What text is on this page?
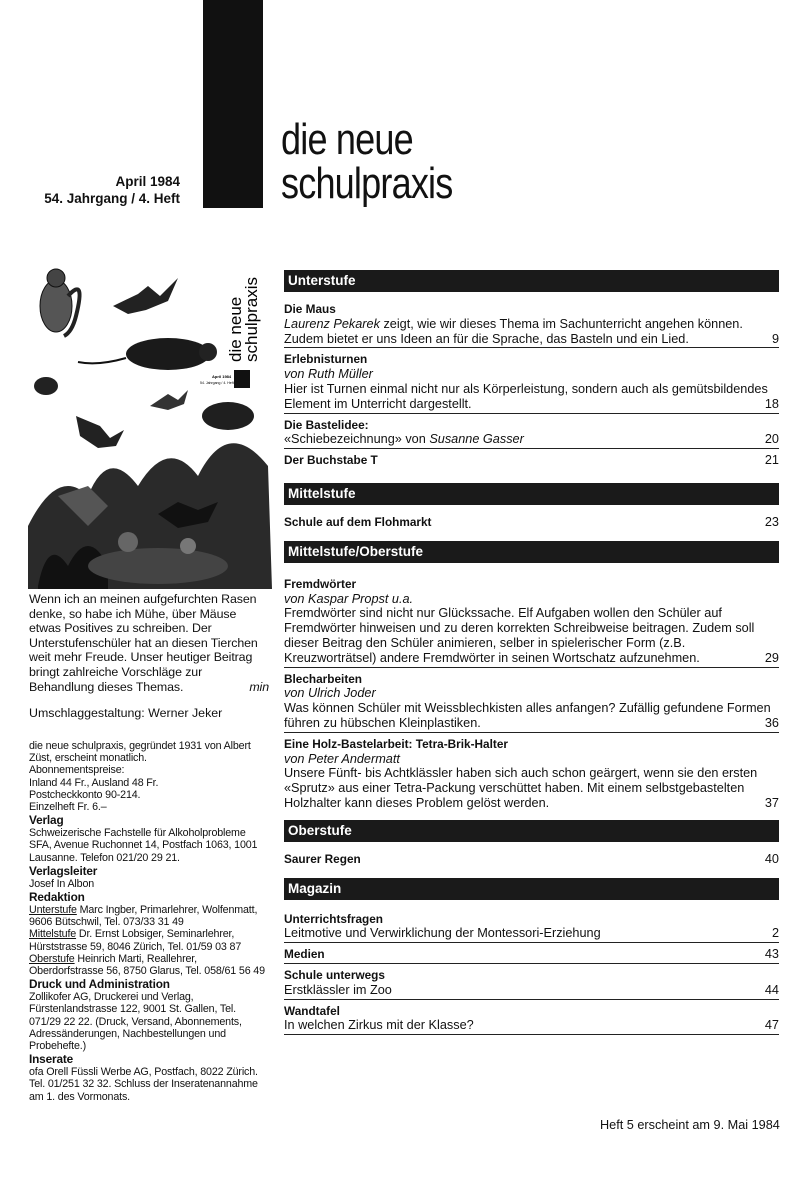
April 1984
54. Jahrgang / 4. Heft
die neue
schulpraxis
April 1984
54. Jahrgang / 4. Heft
die neue
schulpraxis
Wenn ich an meinen aufgefurchten Rasen denke, so habe ich Mühe, über Mäuse etwas Positives zu schreiben. Der Unterstufenschüler hat an diesen Tierchen weit mehr Freude. Unser heutiger Beitrag bringt zahlreiche Vorschläge zur Behandlung dieses Themas.	min
Umschlaggestaltung: Werner Jeker
die neue schulpraxis, gegründet 1931 von Albert Züst, erscheint monatlich.
Abonnementspreise:
Inland 44 Fr., Ausland 48 Fr.
Postcheckkonto 90-214.
Einzelheft Fr. 6.–
Verlag
Schweizerische Fachstelle für Alkoholprobleme SFA, Avenue Ruchonnet 14, Postfach 1063, 1001 Lausanne. Telefon 021/20 29 21.
Verlagsleiter
Josef In Albon
Redaktion
Unterstufe Marc Ingber, Primarlehrer, Wolfenmatt, 9606 Bütschwil, Tel. 073/33 31 49
Mittelstufe Dr. Ernst Lobsiger, Seminarlehrer, Hürststrasse 59, 8046 Zürich, Tel. 01/59 03 87
Oberstufe Heinrich Marti, Reallehrer, Oberdorfstrasse 56, 8750 Glarus, Tel. 058/61 56 49
Druck und Administration
Zollikofer AG, Druckerei und Verlag, Fürstenlandstrasse 122, 9001 St. Gallen, Tel. 071/29 22 22. (Druck, Versand, Abonnements, Adressänderungen, Nachbestellungen und Probehefte.)
Inserate
ofa Orell Füssli Werbe AG, Postfach, 8022 Zürich. Tel. 01/251 32 32. Schluss der Inseratenannahme am 1. des Vormonats.
Unterstufe
Die Maus
Laurenz Pekarek zeigt, wie wir dieses Thema im Sachunterricht angehen können. Zudem bietet er uns Ideen an für die Sprache, das Basteln und ein Lied.	9
Erlebnisturnen
von Ruth Müller
Hier ist Turnen einmal nicht nur als Körperleistung, sondern auch als gemütsbildendes Element im Unterricht dargestellt.	18
Die Bastelidee:
«Schiebezeichnung» von Susanne Gasser	20
Der Buchstabe T	21
Mittelstufe
Schule auf dem Flohmarkt	23
Mittelstufe/Oberstufe
Fremdwörter
von Kaspar Propst u.a.
Fremdwörter sind nicht nur Glückssache. Elf Aufgaben wollen den Schüler auf Fremdwörter hinweisen und zu deren korrekten Schreibweise beitragen. Zudem soll dieser Beitrag den Schüler animieren, selber in spielerischer Form (z.B. Kreuzworträtsel) andere Fremdwörter in seinen Wortschatz aufzunehmen.	29
Blecharbeiten
von Ulrich Joder
Was können Schüler mit Weissblechkisten alles anfangen? Zufällig gefundene Formen führen zu hübschen Kleinplastiken.	36
Eine Holz-Bastelarbeit: Tetra-Brik-Halter
von Peter Andermatt
Unsere Fünft- bis Achtklässler haben sich auch schon geärgert, wenn sie den ersten «Sprutz» aus einer Tetra-Packung verschüttet haben. Mit einem selbstgebastelten Holzhalter kann dieses Problem gelöst werden.	37
Oberstufe
Saurer Regen	40
Magazin
Unterrichtsfragen
Leitmotive und Verwirklichung der Montessori-Erziehung	2
Medien	43
Schule unterwegs
Erstklässler im Zoo	44
Wandtafel
In welchen Zirkus mit der Klasse?	47
Heft 5 erscheint am 9. Mai 1984
